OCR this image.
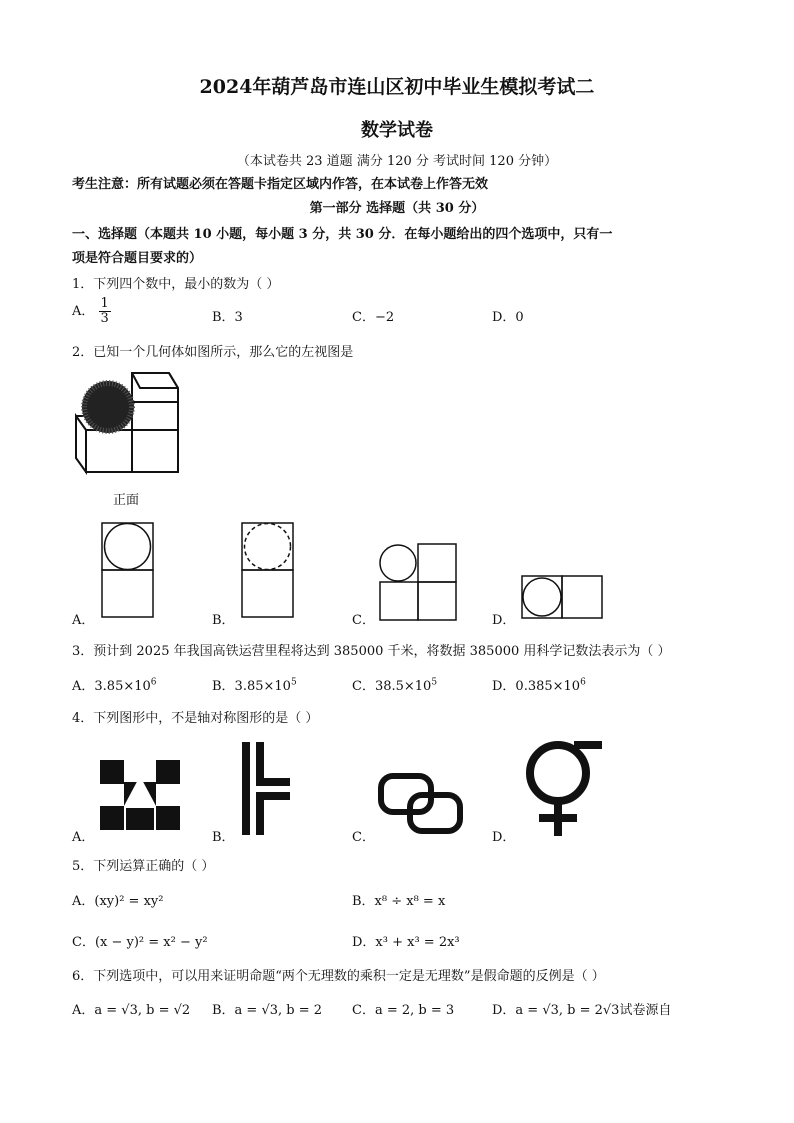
2024年葫芦岛市连山区初中毕业生模拟考试二
数学试卷
（本试卷共 23 道题 满分 120 分 考试时间 120 分钟）
考生注意：所有试题必须在答题卡指定区域内作答，在本试卷上作答无效
第一部分 选择题（共 30 分）
一、选择题（本题共 10 小题，每小题 3 分，共 30 分．在每小题给出的四个选项中，只有一
项是符合题目要求的）
1．下列四个数中，最小的数为（ ）
A． $\frac{1}{3}$	B．3	C．−2	D．0
2．已知一个几何体如图所示，那么它的左视图是
正面
A．	B．	C．	D．
3．预计到 2025 年我国高铁运营里程将达到 385000 千米，将数据 385000 用科学记数法表示为（ ）
A．$3.85\times 10^6$	B．$3.85\times 10^5$	C．$38.5\times 10^5$	D．$0.385\times 10^6$
4．下列图形中，不是轴对称图形的是（ ）
A．	B．	C．	D．
5．下列运算正确的（ ）
A．(xy)² = xy²	B．x⁸ ÷ x⁸ = x
C．(x − y)² = x² − y²	D．x³ + x³ = 2x³
6．下列选项中，可以用来证明命题“两个无理数的乘积一定是无理数”是假命题的反例是（ ）
A．a = √3, b = √2 B．a = √3, b = 2 C．a = 2, b = 3	D．a = √3, b = 2√3试卷源自
